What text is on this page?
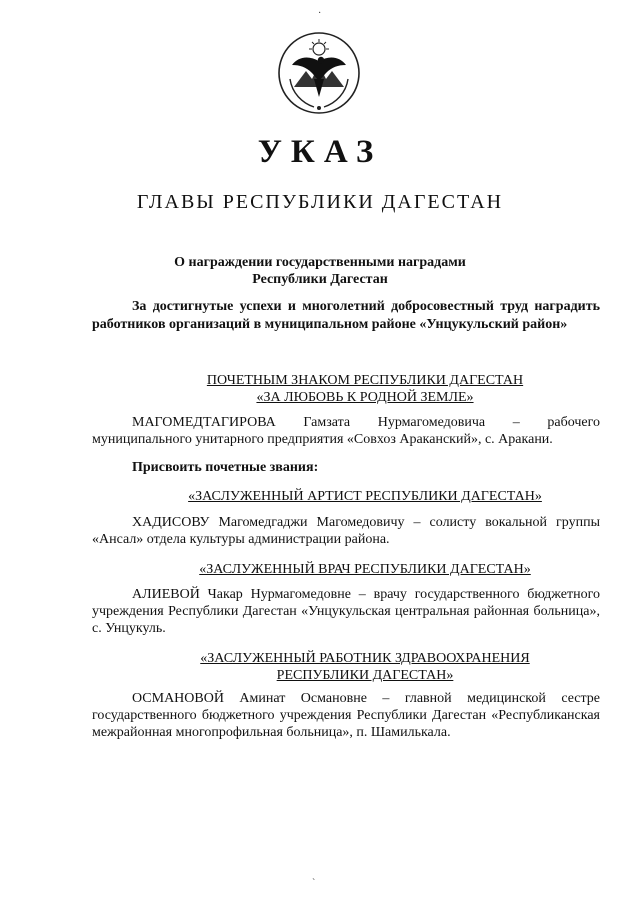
УКАЗ
ГЛАВЫ РЕСПУБЛИКИ ДАГЕСТАН
О награждении государственными наградами
Республики Дагестан
За достигнутые успехи и многолетний добросовестный труд наградить работников организаций в муниципальном районе «Унцукульский район»
ПОЧЕТНЫМ ЗНАКОМ РЕСПУБЛИКИ ДАГЕСТАН
«ЗА ЛЮБОВЬ К РОДНОЙ ЗЕМЛЕ»
МАГОМЕДТАГИРОВА Гамзата Нурмагомедовича – рабочего муниципального унитарного предприятия «Совхоз Араканский», с. Аракани.
Присвоить почетные звания:
«ЗАСЛУЖЕННЫЙ АРТИСТ РЕСПУБЛИКИ ДАГЕСТАН»
ХАДИСОВУ Магомедгаджи Магомедовичу – солисту вокальной группы «Ансал» отдела культуры администрации района.
«ЗАСЛУЖЕННЫЙ ВРАЧ РЕСПУБЛИКИ ДАГЕСТАН»
АЛИЕВОЙ Чакар Нурмагомедовне – врачу государственного бюджетного учреждения Республики Дагестан «Унцукульская центральная районная больница», с. Унцукуль.
«ЗАСЛУЖЕННЫЙ РАБОТНИК ЗДРАВООХРАНЕНИЯ
РЕСПУБЛИКИ ДАГЕСТАН»
ОСМАНОВОЙ Аминат Османовне – главной медицинской сестре государственного бюджетного учреждения Республики Дагестан «Республиканская межрайонная многопрофильная больница», п. Шамилькала.
·
`
